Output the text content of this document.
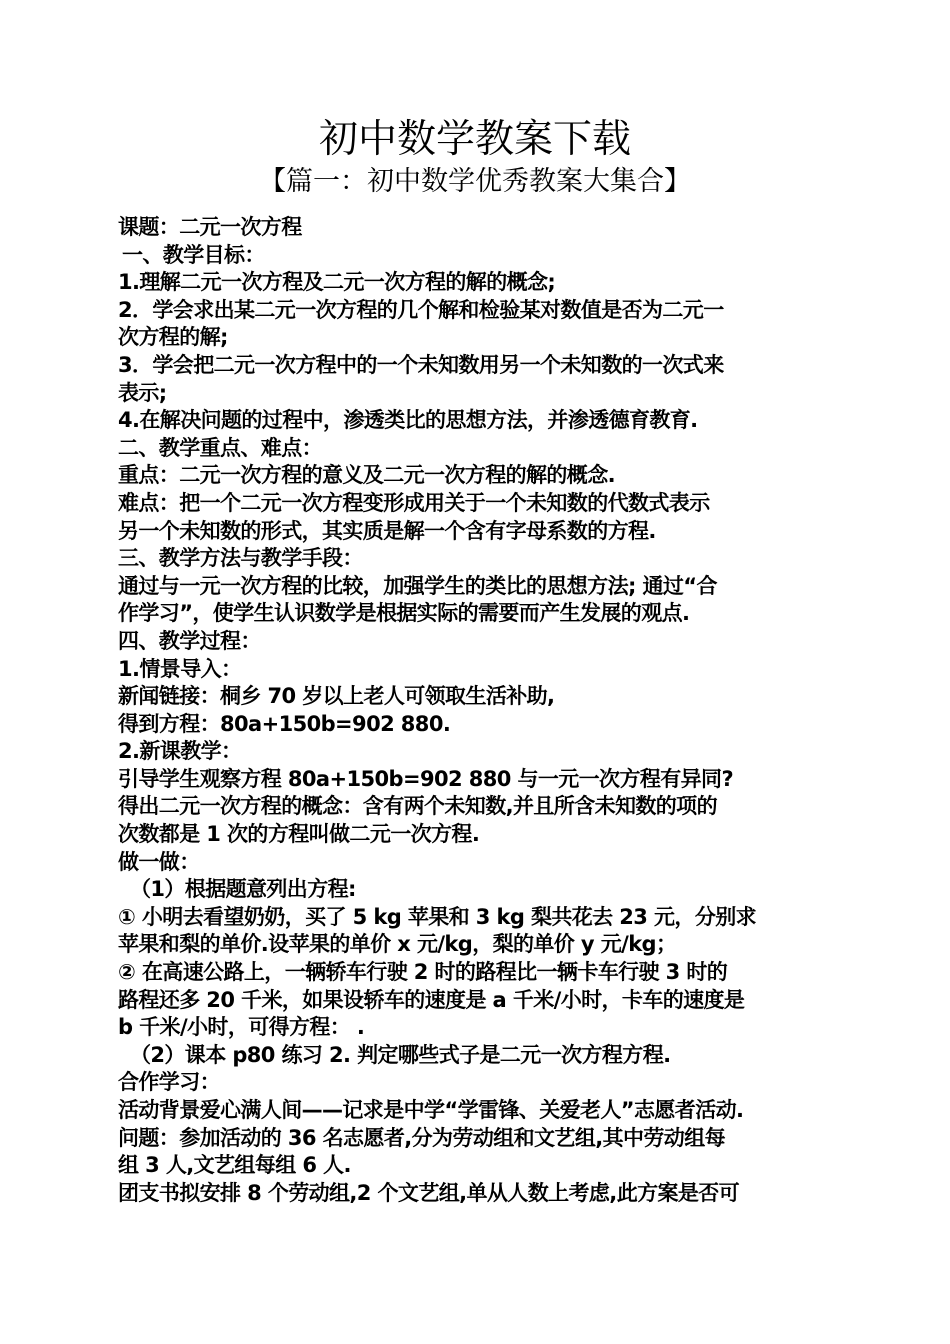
初中数学教案下载
【篇一：初中数学优秀教案大集合】
课题：二元一次方程
一、教学目标：
1.理解二元一次方程及二元一次方程的解的概念;
2．学会求出某二元一次方程的几个解和检验某对数值是否为二元一
次方程的解;
3．学会把二元一次方程中的一个未知数用另一个未知数的一次式来
表示;
4.在解决问题的过程中，渗透类比的思想方法，并渗透德育教育.
二、教学重点、难点：
重点：二元一次方程的意义及二元一次方程的解的概念.
难点：把一个二元一次方程变形成用关于一个未知数的代数式表示
另一个未知数的形式，其实质是解一个含有字母系数的方程.
三、教学方法与教学手段：
通过与一元一次方程的比较，加强学生的类比的思想方法; 通过“合
作学习”，使学生认识数学是根据实际的需要而产生发展的观点.
四、教学过程：
1.情景导入：
新闻链接：桐乡 70 岁以上老人可领取生活补助,
得到方程：80a+150b=902 880.
2.新课教学：
引导学生观察方程 80a+150b=902 880 与一元一次方程有异同?
得出二元一次方程的概念：含有两个未知数,并且所含未知数的项的
次数都是 1 次的方程叫做二元一次方程.
做一做：
（1）根据题意列出方程:
① 小明去看望奶奶，买了 5 kg 苹果和 3 kg 梨共花去 23 元，分别求
苹果和梨的单价.设苹果的单价 x 元/kg，梨的单价 y 元/kg；
② 在高速公路上，一辆轿车行驶 2 时的路程比一辆卡车行驶 3 时的
路程还多 20 千米，如果设轿车的速度是 a 千米/小时，卡车的速度是
b 千米/小时，可得方程： .
（2）课本 p80 练习 2. 判定哪些式子是二元一次方程方程.
合作学习：
活动背景爱心满人间——记求是中学“学雷锋、关爱老人”志愿者活动.
问题：参加活动的 36 名志愿者,分为劳动组和文艺组,其中劳动组每
组 3 人,文艺组每组 6 人.
团支书拟安排 8 个劳动组,2 个文艺组,单从人数上考虑,此方案是否可
